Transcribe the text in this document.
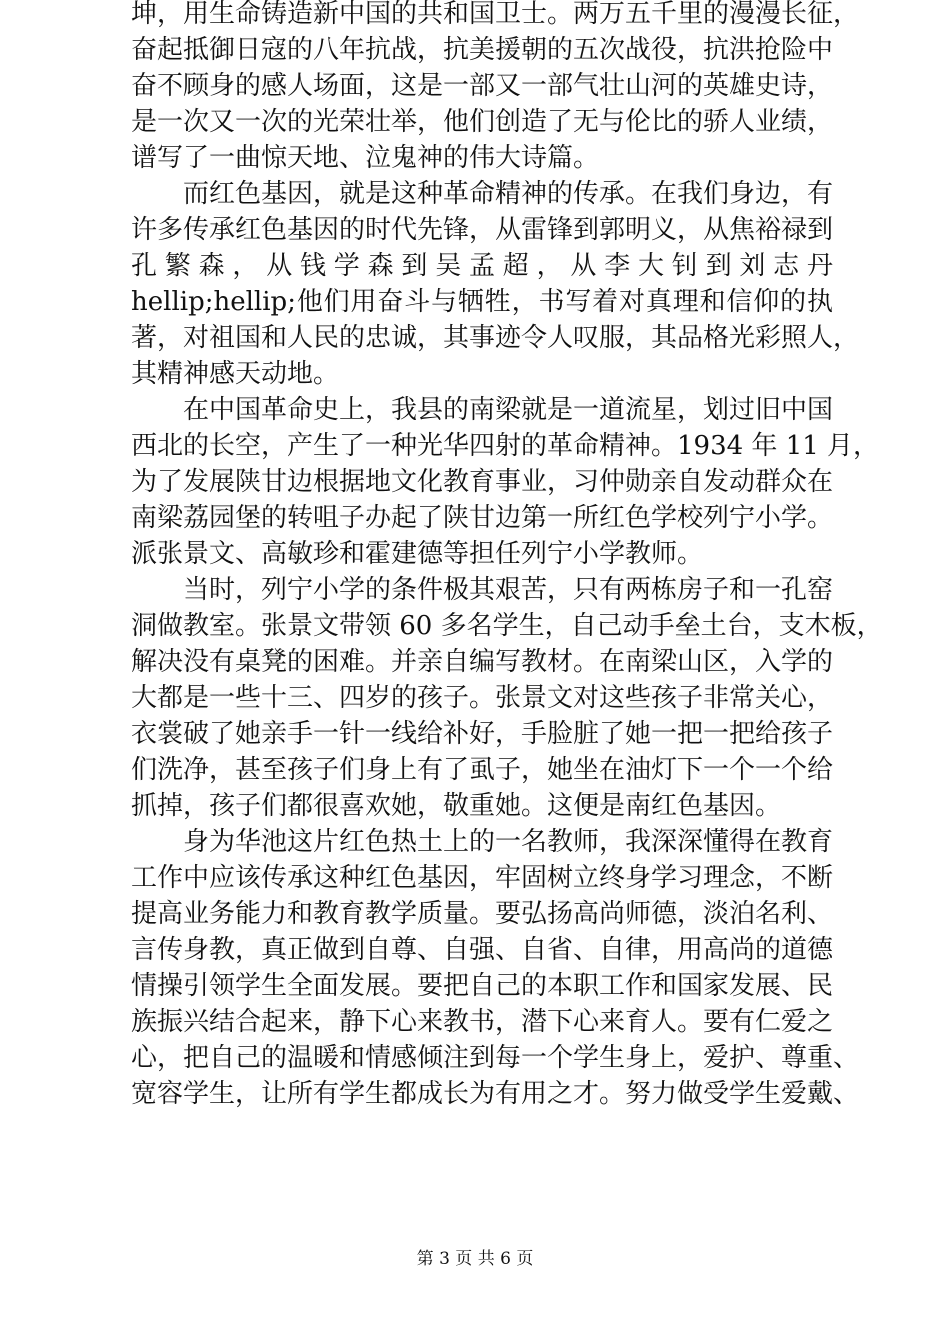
坤，用生命铸造新中国的共和国卫士。两万五千里的漫漫长征，
奋起抵御日寇的八年抗战，抗美援朝的五次战役，抗洪抢险中
奋不顾身的感人场面，这是一部又一部气壮山河的英雄史诗，
是一次又一次的光荣壮举，他们创造了无与伦比的骄人业绩，
谱写了一曲惊天地、泣鬼神的伟大诗篇。
而红色基因，就是这种革命精神的传承。在我们身边，有
许多传承红色基因的时代先锋，从雷锋到郭明义，从焦裕禄到
孔繁森，从钱学森到吴孟超，从李大钊到刘志丹
hellip;hellip;他们用奋斗与牺牲，书写着对真理和信仰的执
著，对祖国和人民的忠诚，其事迹令人叹服，其品格光彩照人，
其精神感天动地。
在中国革命史上，我县的南梁就是一道流星，划过旧中国
西北的长空，产生了一种光华四射的革命精神。1934 年 11 月，
为了发展陕甘边根据地文化教育事业，习仲勋亲自发动群众在
南梁荔园堡的转咀子办起了陕甘边第一所红色学校列宁小学。
派张景文、高敏珍和霍建德等担任列宁小学教师。
当时，列宁小学的条件极其艰苦，只有两栋房子和一孔窑
洞做教室。张景文带领 60 多名学生，自己动手垒土台，支木板，
解决没有桌凳的困难。并亲自编写教材。在南梁山区，入学的
大都是一些十三、四岁的孩子。张景文对这些孩子非常关心，
衣裳破了她亲手一针一线给补好，手脸脏了她一把一把给孩子
们洗净，甚至孩子们身上有了虱子，她坐在油灯下一个一个给
抓掉，孩子们都很喜欢她，敬重她。这便是南红色基因。
身为华池这片红色热土上的一名教师，我深深懂得在教育
工作中应该传承这种红色基因，牢固树立终身学习理念，不断
提高业务能力和教育教学质量。要弘扬高尚师德，淡泊名利、
言传身教，真正做到自尊、自强、自省、自律，用高尚的道德
情操引领学生全面发展。要把自己的本职工作和国家发展、民
第 3 页 共 6 页
族振兴结合起来，静下心来教书，潜下心来育人。要有仁爱之
心，把自己的温暖和情感倾注到每一个学生身上，爱护、尊重、
宽容学生，让所有学生都成长为有用之才。努力做受学生爱戴、
